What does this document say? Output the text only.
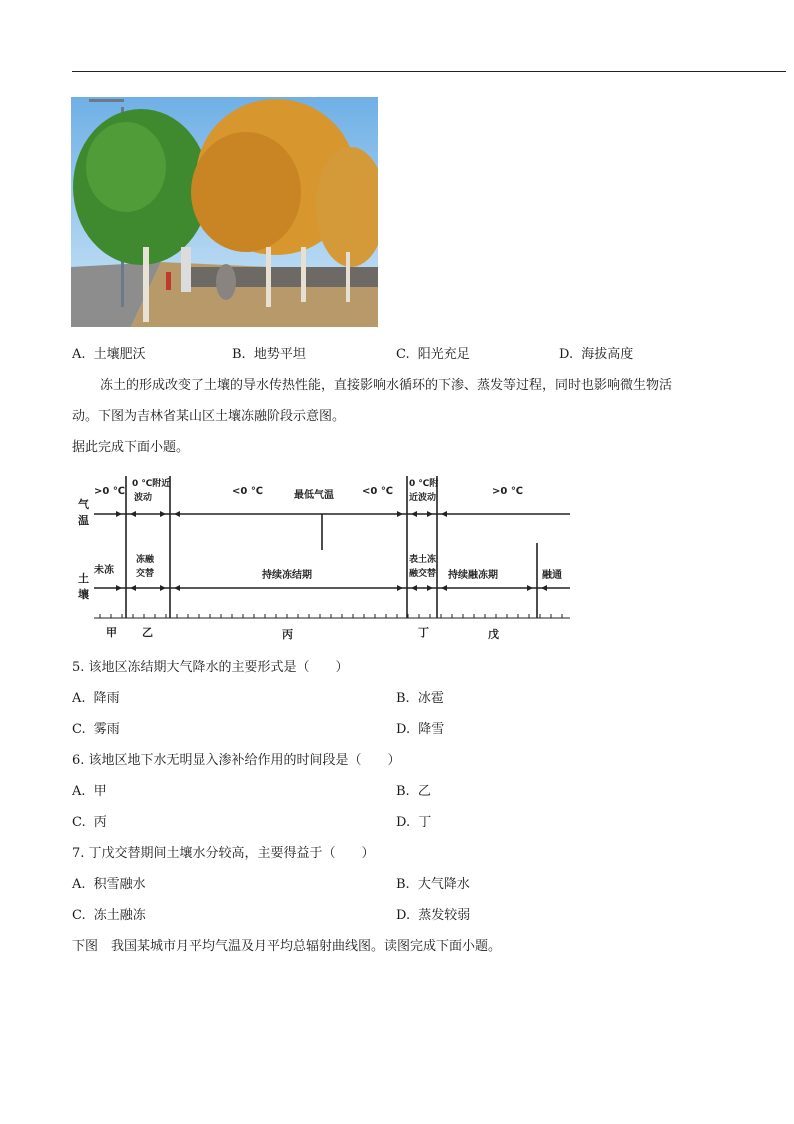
A. 土壤肥沃	B. 地势平坦	C. 阳光充足	D. 海拔高度
冻土的形成改变了土壤的导水传热性能，直接影响水循环的下渗、蒸发等过程，同时也影响微生物活
动。下图为吉林省某山区土壤冻融阶段示意图。
据此完成下面小题。
气
温
土
壤
>0 ℃
0 ℃附近
波动
<0 ℃	最低气温	<0 ℃
0 ℃附
近波动
>0 ℃
未冻
冻融
交替	持续冻结期
表土冻
融交替 持续融冻期	融通
甲 乙	丙	丁	戊
5. 该地区冻结期大气降水的主要形式是（　　）
A. 降雨	B. 冰雹
C. 雾雨	D. 降雪
6. 该地区地下水无明显入渗补给作用的时间段是（　　）
A. 甲	B. 乙
C. 丙	D. 丁
7. 丁戊交替期间土壤水分较高，主要得益于（　　）
A. 积雪融水	B. 大气降水
C. 冻土融冻	D. 蒸发较弱
下图　我国某城市月平均气温及月平均总辐射曲线图。读图完成下面小题。
